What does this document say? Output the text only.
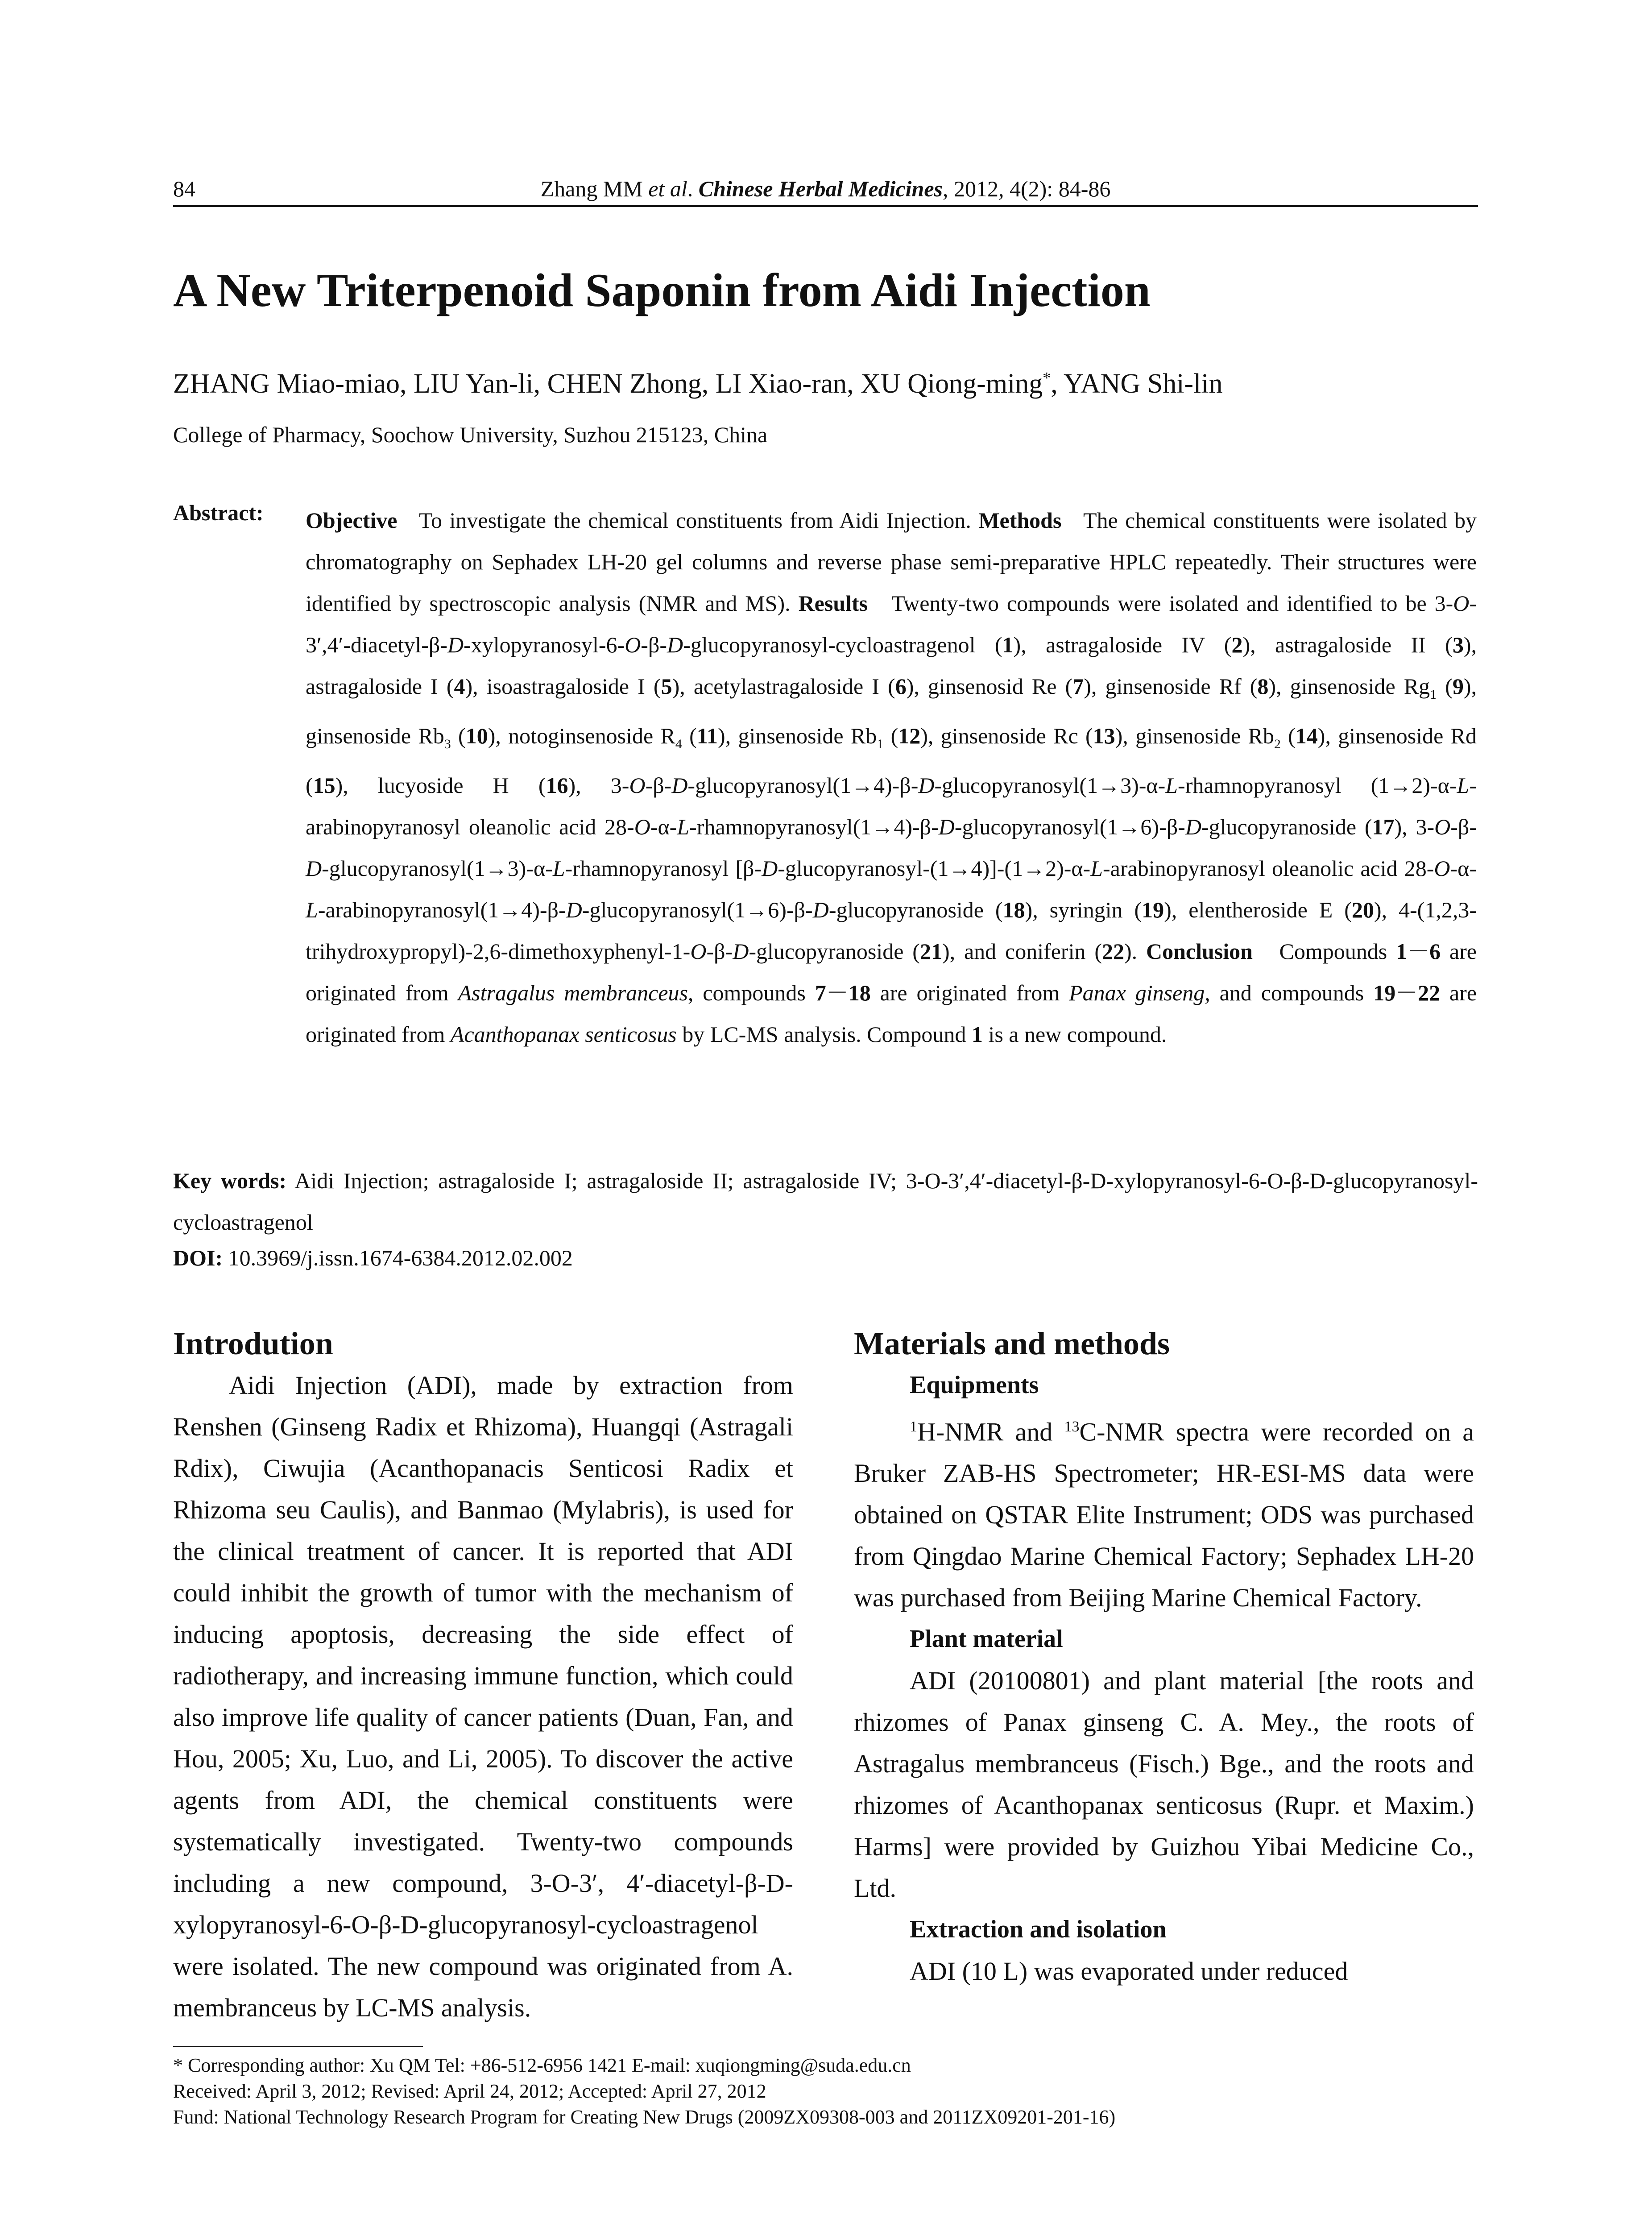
84	Zhang MM et al. Chinese Herbal Medicines, 2012, 4(2): 84-86
A New Triterpenoid Saponin from Aidi Injection
ZHANG Miao-miao, LIU Yan-li, CHEN Zhong, LI Xiao-ran, XU Qiong-ming*, YANG Shi-lin
College of Pharmacy, Soochow University, Suzhou 215123, China
Abstract: Objective   To investigate the chemical constituents from Aidi Injection. Methods   The chemical constituents were isolated by chromatography on Sephadex LH-20 gel columns and reverse phase semi-preparative HPLC repeatedly. Their structures were identified by spectroscopic analysis (NMR and MS). Results   Twenty-two compounds were isolated and identified to be 3-O-3′,4′-diacetyl-β-D-xylopyranosyl-6-O-β-D-glucopyranosyl-cycloastragenol (1), astragaloside IV (2), astragaloside II (3), astragaloside I (4), isoastragaloside I (5), acetylastragaloside I (6), ginsenosid Re (7), ginsenoside Rf (8), ginsenoside $Rg_1$ (9), ginsenoside $Rb_3$ (10), notoginsenoside $R_4$ (11), ginsenoside $Rb_1$ (12), ginsenoside Rc (13), ginsenoside $Rb_2$ (14), ginsenoside Rd (15), lucyoside H (16), 3-O-β-D-glucopyranosyl(1→4)-β-D-glucopyranosyl(1→3)-α-L-rhamnopyranosyl (1→2)-α-L-arabinopyranosyl oleanolic acid 28-O-α-L-rhamnopyranosyl(1→4)-β-D-glucopyranosyl(1→6)-β-D-glucopyranoside (17), 3-O-β-D-glucopyranosyl(1→3)-α-L-rhamnopyranosyl [β-D-glucopyranosyl-(1→4)]-(1→2)-α-L-arabinopyranosyl oleanolic acid 28-O-α-L-arabinopyranosyl(1→4)-β-D-glucopyranosyl(1→6)-β-D-glucopyranoside (18), syringin (19), elentheroside E (20), 4-(1,2,3-trihydroxypropyl)-2,6-dimethoxyphenyl-1-O-β-D-glucopyranoside (21), and coniferin (22). Conclusion   Compounds 1－6 are originated from Astragalus membranceus, compounds 7－18 are originated from Panax ginseng, and compounds 19－22 are originated from Acanthopanax senticosus by LC-MS analysis. Compound 1 is a new compound.
Key words: Aidi Injection; astragaloside I; astragaloside II; astragaloside IV; 3-O-3′,4′-diacetyl-β-D-xylopyranosyl-6-O-β-D-glucopyranosyl-cycloastragenol
DOI: 10.3969/j.issn.1674-6384.2012.02.002
Introdution

Aidi Injection (ADI), made by extraction from Renshen (Ginseng Radix et Rhizoma), Huangqi (Astragali Rdix), Ciwujia (Acanthopanacis Senticosi Radix et Rhizoma seu Caulis), and Banmao (Mylabris), is used for the clinical treatment of cancer. It is reported that ADI could inhibit the growth of tumor with the mechanism of inducing apoptosis, decreasing the side effect of radiotherapy, and increasing immune function, which could also improve life quality of cancer patients (Duan, Fan, and Hou, 2005; Xu, Luo, and Li, 2005). To discover the active agents from ADI, the chemical constituents were systematically investigated. Twenty-two compounds including a new compound, 3-O-3′, 4′-diacetyl-β-D-xylopyranosyl-6-O-β-D-glucopyranosyl-cycloastragenol were isolated. The new compound was originated from A. membranceus by LC-MS analysis.

Materials and methods
Equipments

$^1$H-NMR and $^{13}$C-NMR spectra were recorded on a Bruker ZAB-HS Spectrometer; HR-ESI-MS data were obtained on QSTAR Elite Instrument; ODS was purchased from Qingdao Marine Chemical Factory; Sephadex LH-20 was purchased from Beijing Marine Chemical Factory.

Plant material

ADI (20100801) and plant material [the roots and rhizomes of Panax ginseng C. A. Mey., the roots of Astragalus membranceus (Fisch.) Bge., and the roots and rhizomes of Acanthopanax senticosus (Rupr. et Maxim.) Harms] were provided by Guizhou Yibai Medicine Co., Ltd.

Extraction and isolation

ADI (10 L) was evaporated under reduced

* Corresponding author: Xu QM Tel: +86-512-6956 1421 E-mail: xuqiongming@suda.edu.cn
Received: April 3, 2012; Revised: April 24, 2012; Accepted: April 27, 2012
Fund: National Technology Research Program for Creating New Drugs (2009ZX09308-003 and 2011ZX09201-201-16)
